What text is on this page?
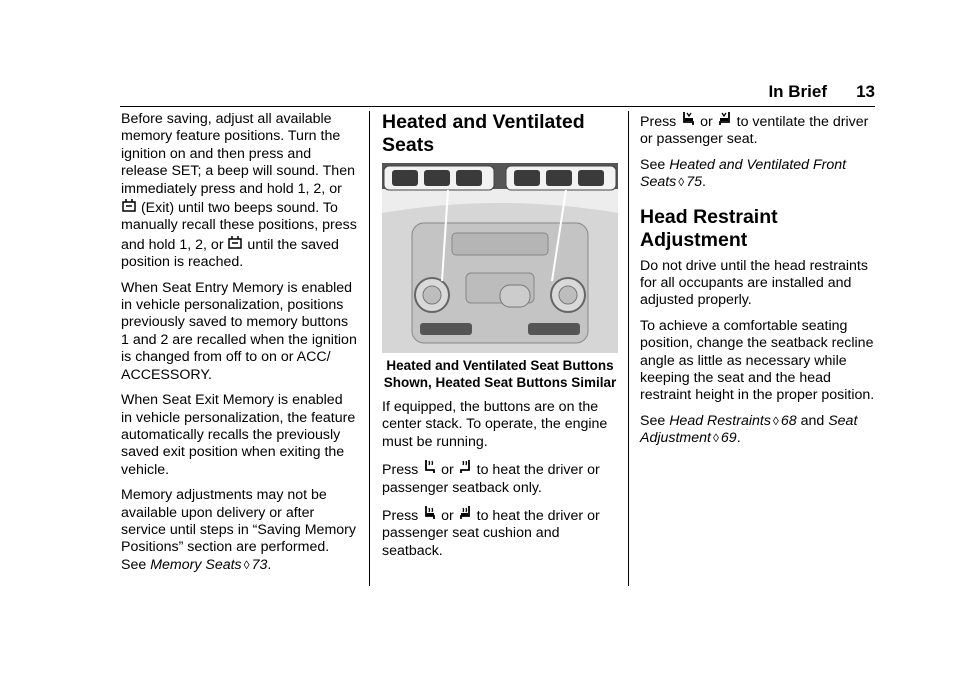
In Brief 13

Before saving, adjust all available memory feature positions. Turn the ignition on and then press and release SET; a beep will sound. Then immediately press and hold 1, 2, or  (Exit) until two beeps sound. To manually recall these positions, press and hold 1, 2, or  until the saved position is reached.

When Seat Entry Memory is enabled in vehicle personalization, positions previously saved to memory buttons 1 and 2 are recalled when the ignition is changed from off to on or ACC/ ACCESSORY.

When Seat Exit Memory is enabled in vehicle personalization, the feature automatically recalls the previously saved exit position when exiting the vehicle.

Memory adjustments may not be available upon delivery or after service until steps in “Saving Memory Positions” section are performed. See Memory Seats ◊ 73.

Heated and Ventilated Seats
Heated and Ventilated Seat Buttons Shown, Heated Seat Buttons Similar

If equipped, the buttons are on the center stack. To operate, the engine must be running.

Press  or  to heat the driver or passenger seatback only.

Press  or  to heat the driver or passenger seat cushion and seatback.

Press  or  to ventilate the driver or passenger seat.

See Heated and Ventilated Front Seats ◊ 75.

Head Restraint Adjustment

Do not drive until the head restraints for all occupants are installed and adjusted properly.

To achieve a comfortable seating position, change the seatback recline angle as little as necessary while keeping the seat and the head restraint height in the proper position.

See Head Restraints ◊ 68 and Seat Adjustment ◊ 69.
